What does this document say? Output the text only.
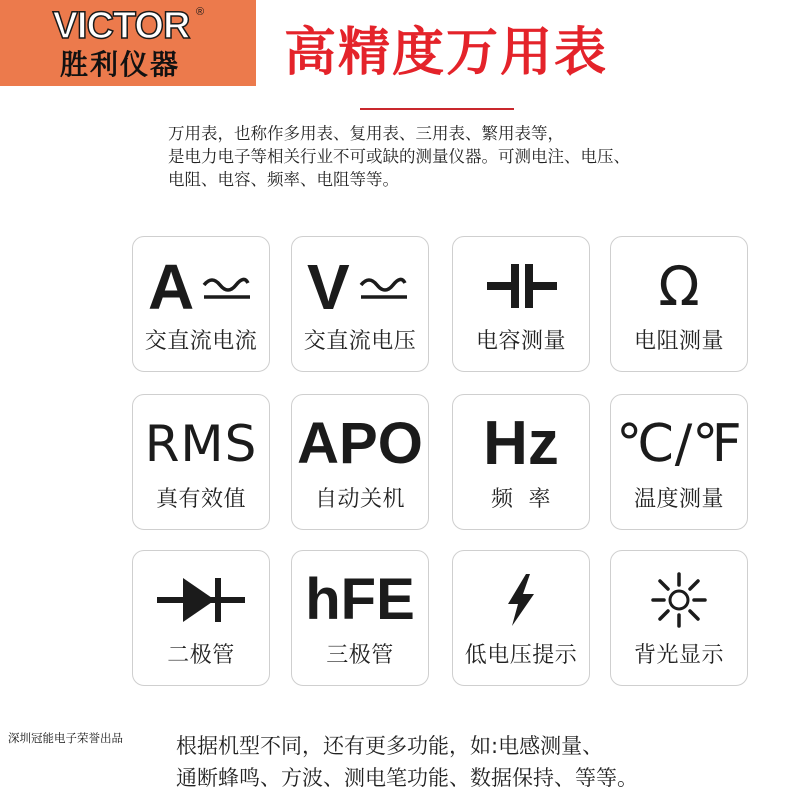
VICTOR ®
胜利仪器	高精度万用表
万用表，也称作多用表、复用表、三用表、繁用表等，
是电力电子等相关行业不可或缺的测量仪器。可测电注、电压、
电阻、电容、频率、电阻等等。
A
交直流电流
V
交直流电压	电容测量
Ω
电阻测量
RMS
真有效值
APO
自动关机
Hz
频  率
℃/℉
温度测量
二极管
hFE
三极管	低电压提示	背光显示
深圳冠能电子荣誉出品	根据机型不同，还有更多功能，如:电感测量、
通断蜂鸣、方波、测电笔功能、数据保持、等等。
